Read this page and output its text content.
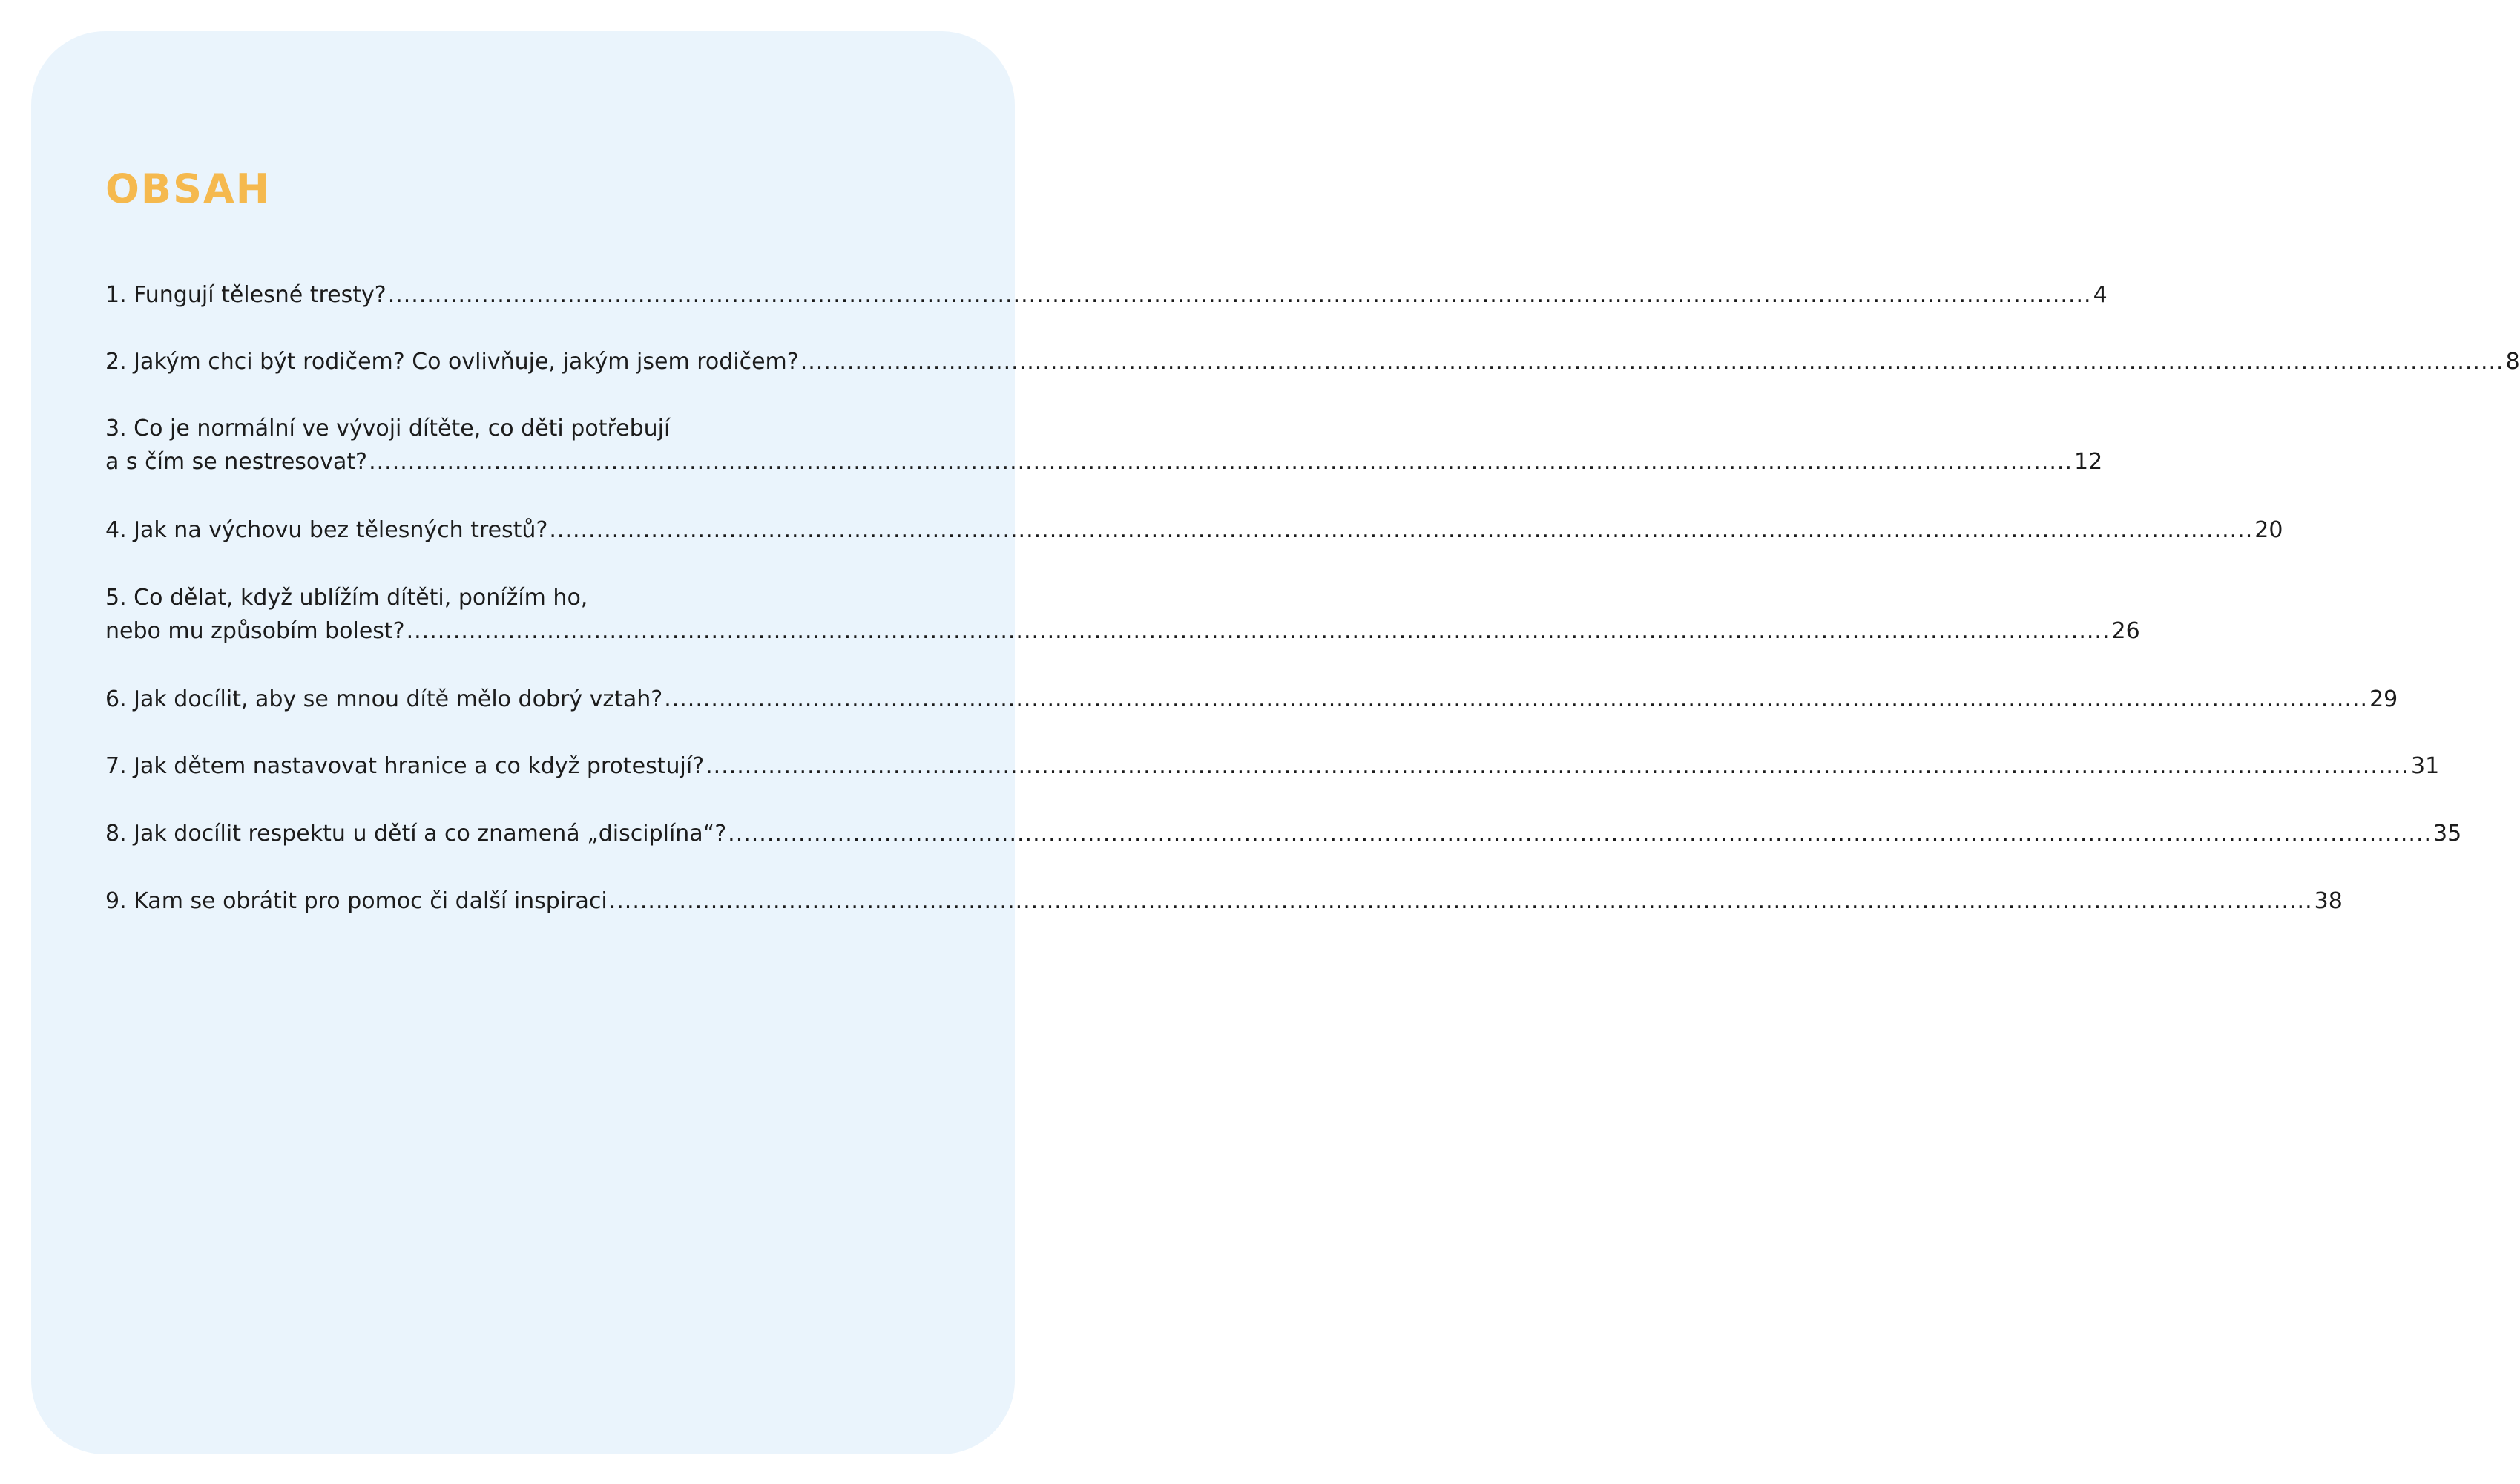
OBSAH
1. Fungují tělesné tresty? .......................................................................................................................................................................................................................... 4
2. Jakým chci být rodičem? Co ovlivňuje, jakým jsem rodičem? .......................................................................................................................................................................................................................... 8
3. Co je normální ve vývoji dítěte, co děti potřebují
a s čím se nestresovat? .......................................................................................................................................................................................................................... 12
4. Jak na výchovu bez tělesných trestů? .......................................................................................................................................................................................................................... 20
5. Co dělat, když ublížím dítěti, ponížím ho,
nebo mu způsobím bolest? .......................................................................................................................................................................................................................... 26
6. Jak docílit, aby se mnou dítě mělo dobrý vztah? .......................................................................................................................................................................................................................... 29
7. Jak dětem nastavovat hranice a co když protestují? .......................................................................................................................................................................................................................... 31
8. Jak docílit respektu u dětí a co znamená „disciplína“? .......................................................................................................................................................................................................................... 35
9. Kam se obrátit pro pomoc či další inspiraci .......................................................................................................................................................................................................................... 38
